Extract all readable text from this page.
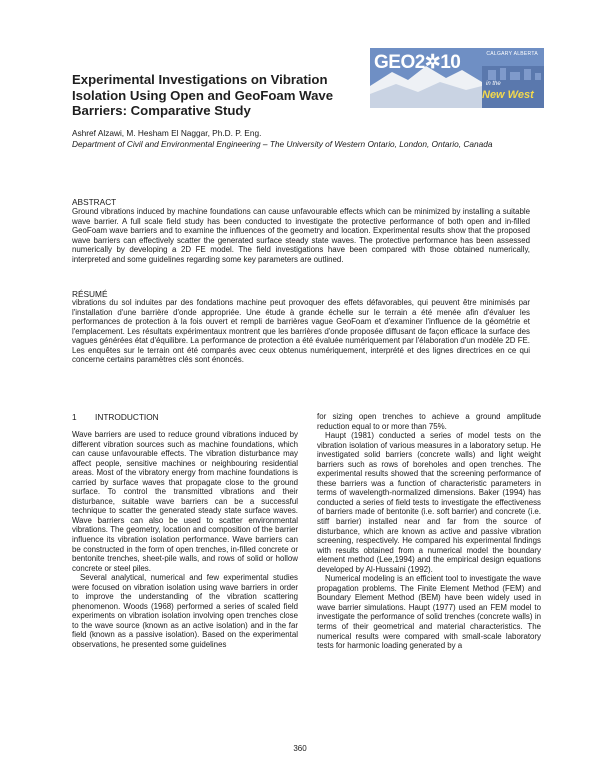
Experimental Investigations on Vibration Isolation Using Open and GeoFoam Wave Barriers: Comparative Study
GEO2✲10	CALGARY ALBERTA
in the
New West
Ashref Alzawi, M. Hesham El Naggar, Ph.D. P. Eng.
Department of Civil and Environmental Engineering – The University of Western Ontario, London, Ontario, Canada
ABSTRACT
Ground vibrations induced by machine foundations can cause unfavourable effects which can be minimized by installing a suitable wave barrier. A full scale field study has been conducted to investigate the protective performance of both open and in-filled GeoFoam wave barriers and to examine the influences of the geometry and location. Experimental results show that the proposed wave barriers can effectively scatter the generated surface steady state waves. The protective performance has been assessed numerically by developing a 2D FE model. The field investigations have been compared with those obtained numerically, interpreted and some guidelines regarding some key parameters are outlined.
RÉSUMÉ
vibrations du sol induites par des fondations machine peut provoquer des effets défavorables, qui peuvent être minimisés par l'installation d'une barrière d'onde appropriée. Une étude à grande échelle sur le terrain a été menée afin d'évaluer les performances de protection à la fois ouvert et rempli de barrières vague GeoFoam et d'examiner l'influence de la géométrie et l'emplacement. Les résultats expérimentaux montrent que les barrières d'onde proposée diffusant de façon efficace la surface des vagues générées état d'équilibre. La performance de protection a été évaluée numériquement par l'élaboration d'un modèle 2D FE. Les enquêtes sur le terrain ont été comparés avec ceux obtenus numériquement, interprété et des lignes directrices en ce qui concerne certains paramètres clés sont énoncés.
1        INTRODUCTION

Wave barriers are used to reduce ground vibrations induced by different vibration sources such as machine foundations, which can cause unfavourable effects. The vibration disturbance may affect people, sensitive machines or neighbouring residential areas. Most of the vibratory energy from machine foundations is carried by surface waves that propagate close to the ground surface. To control the transmitted vibrations and their disturbance, suitable wave barriers can be a successful technique to scatter the generated steady state surface waves. Wave barriers can also be used to scatter environmental vibrations. The geometry, location and composition of the barrier influence its vibration isolation performance. Wave barriers can be constructed in the form of open trenches, in-filled concrete or bentonite trenches, sheet-pile walls, and rows of solid or hollow concrete or steel piles.

Several analytical, numerical and few experimental studies were focused on vibration isolation using wave barriers in order to improve the understanding of the vibration scattering phenomenon. Woods (1968) performed a series of scaled field experiments on vibration isolation involving open trenches close to the wave source (known as an active isolation) and in the far field (known as a passive isolation). Based on the experimental observations, he presented some guidelines

for sizing open trenches to achieve a ground amplitude reduction equal to or more than 75%.

Haupt (1981) conducted a series of model tests on the vibration isolation of various measures in a laboratory setup. He investigated solid barriers (concrete walls) and light weight barriers such as rows of boreholes and open trenches. The experimental results showed that the screening performance of these barriers was a function of characteristic parameters in terms of wavelength-normalized dimensions. Baker (1994) has conducted a series of field tests to investigate the effectiveness of barriers made of bentonite (i.e. soft barrier) and concrete (i.e. stiff barrier) installed near and far from the source of disturbance, which are known as active and passive vibration screening, respectively. He compared his experimental findings with results obtained from a numerical model the boundary element method (Lee,1994) and the empirical design equations developed by Al-Hussaini (1992).

Numerical modeling is an efficient tool to investigate the wave propagation problems. The Finite Element Method (FEM) and Boundary Element Method (BEM) have been widely used in wave barrier simulations. Haupt (1977) used an FEM model to investigate the performance of solid trenches (concrete walls) in terms of their geometrical and material characteristics. The numerical results were compared with small-scale laboratory tests for harmonic loading generated by a

360
